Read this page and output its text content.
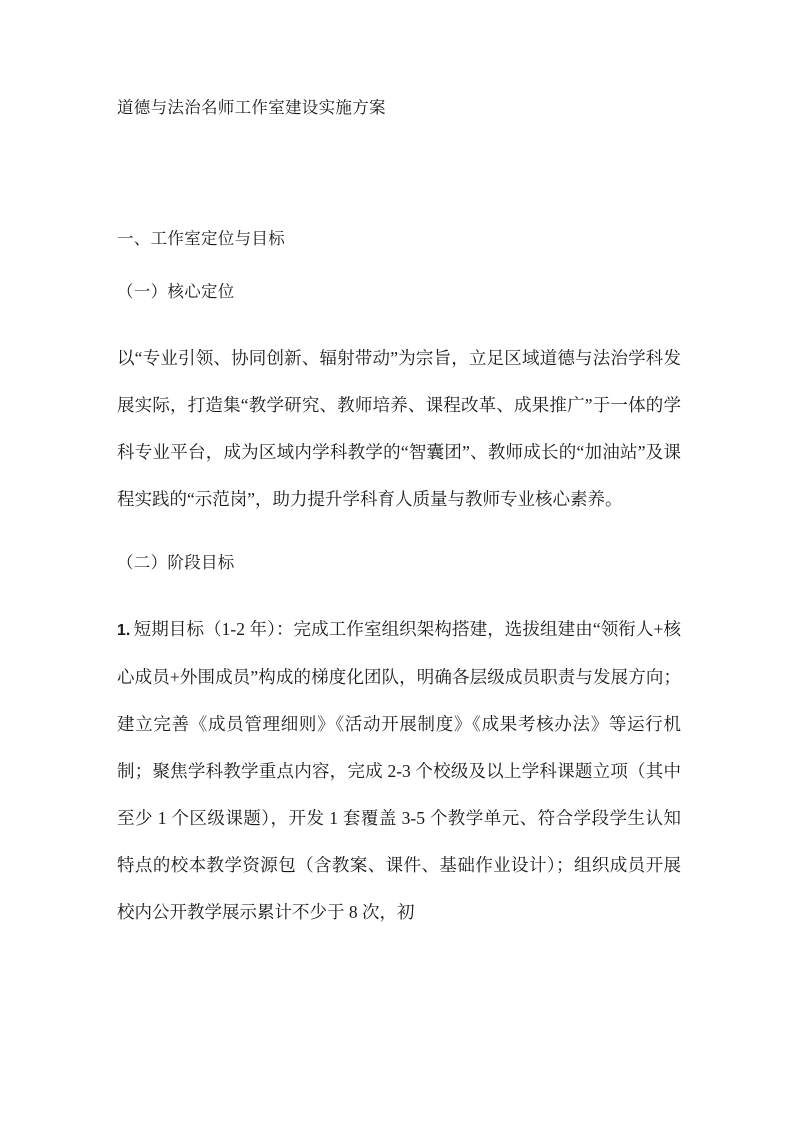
道德与法治名师工作室建设实施方案
一、工作室定位与目标
（一）核心定位
以“专业引领、协同创新、辐射带动”为宗旨，立足区域道德与法治学科发展实际，打造集“教学研究、教师培养、课程改革、成果推广”于一体的学科专业平台，成为区域内学科教学的“智囊团”、教师成长的“加油站”及课程实践的“示范岗”，助力提升学科育人质量与教师专业核心素养。
（二）阶段目标
1. 短期目标（1-2 年）：完成工作室组织架构搭建，选拔组建由“领衔人+核心成员+外围成员”构成的梯度化团队，明确各层级成员职责与发展方向；建立完善《成员管理细则》《活动开展制度》《成果考核办法》等运行机制；聚焦学科教学重点内容，完成 2-3 个校级及以上学科课题立项（其中至少 1 个区级课题），开发 1 套覆盖 3-5 个教学单元、符合学段学生认知特点的校本教学资源包（含教案、课件、基础作业设计）；组织成员开展校内公开教学展示累计不少于 8 次，初
